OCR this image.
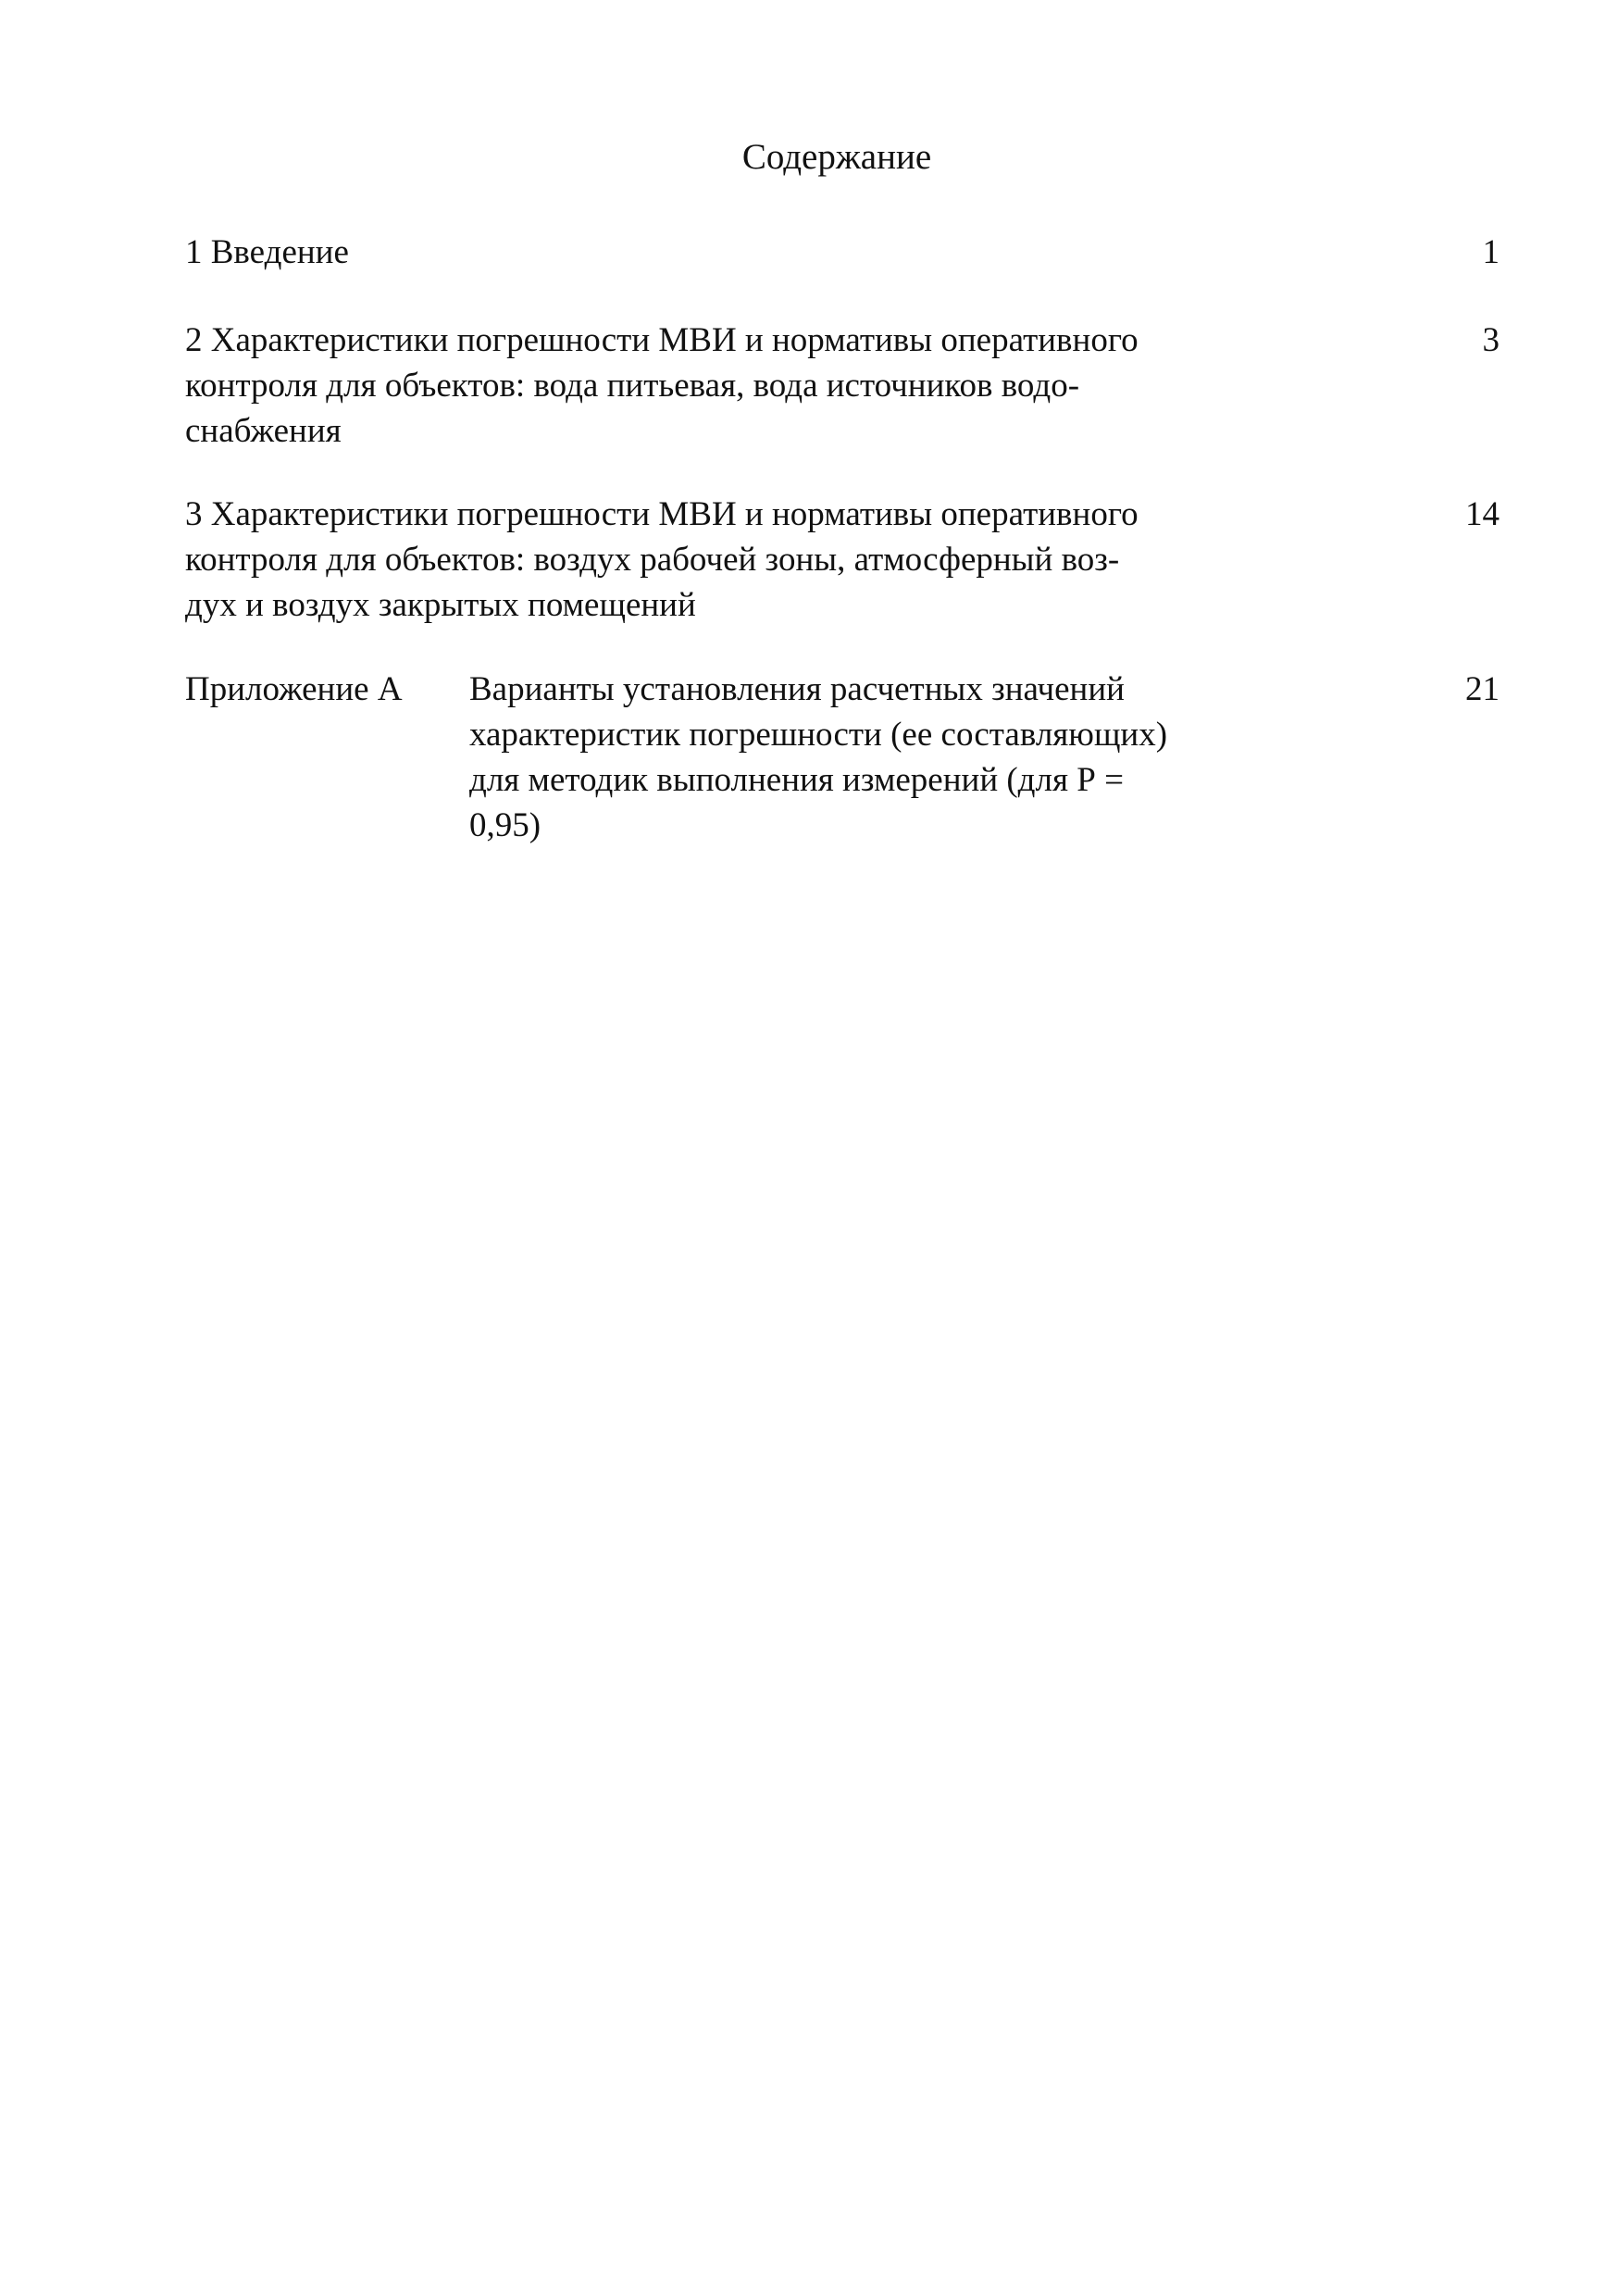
Содержание
1 Введение	1
2 Характеристики погрешности МВИ и нормативы оперативного
контроля для объектов: вода питьевая, вода источников водо-
снабжения
3
3 Характеристики погрешности МВИ и нормативы оперативного
контроля для объектов: воздух рабочей зоны, атмосферный воз-
дух и воздух закрытых помещений
14
Приложение А Варианты установления расчетных значений
характеристик погрешности (ее составляющих)
для методик выполнения измерений (для Р =
0,95)
21
